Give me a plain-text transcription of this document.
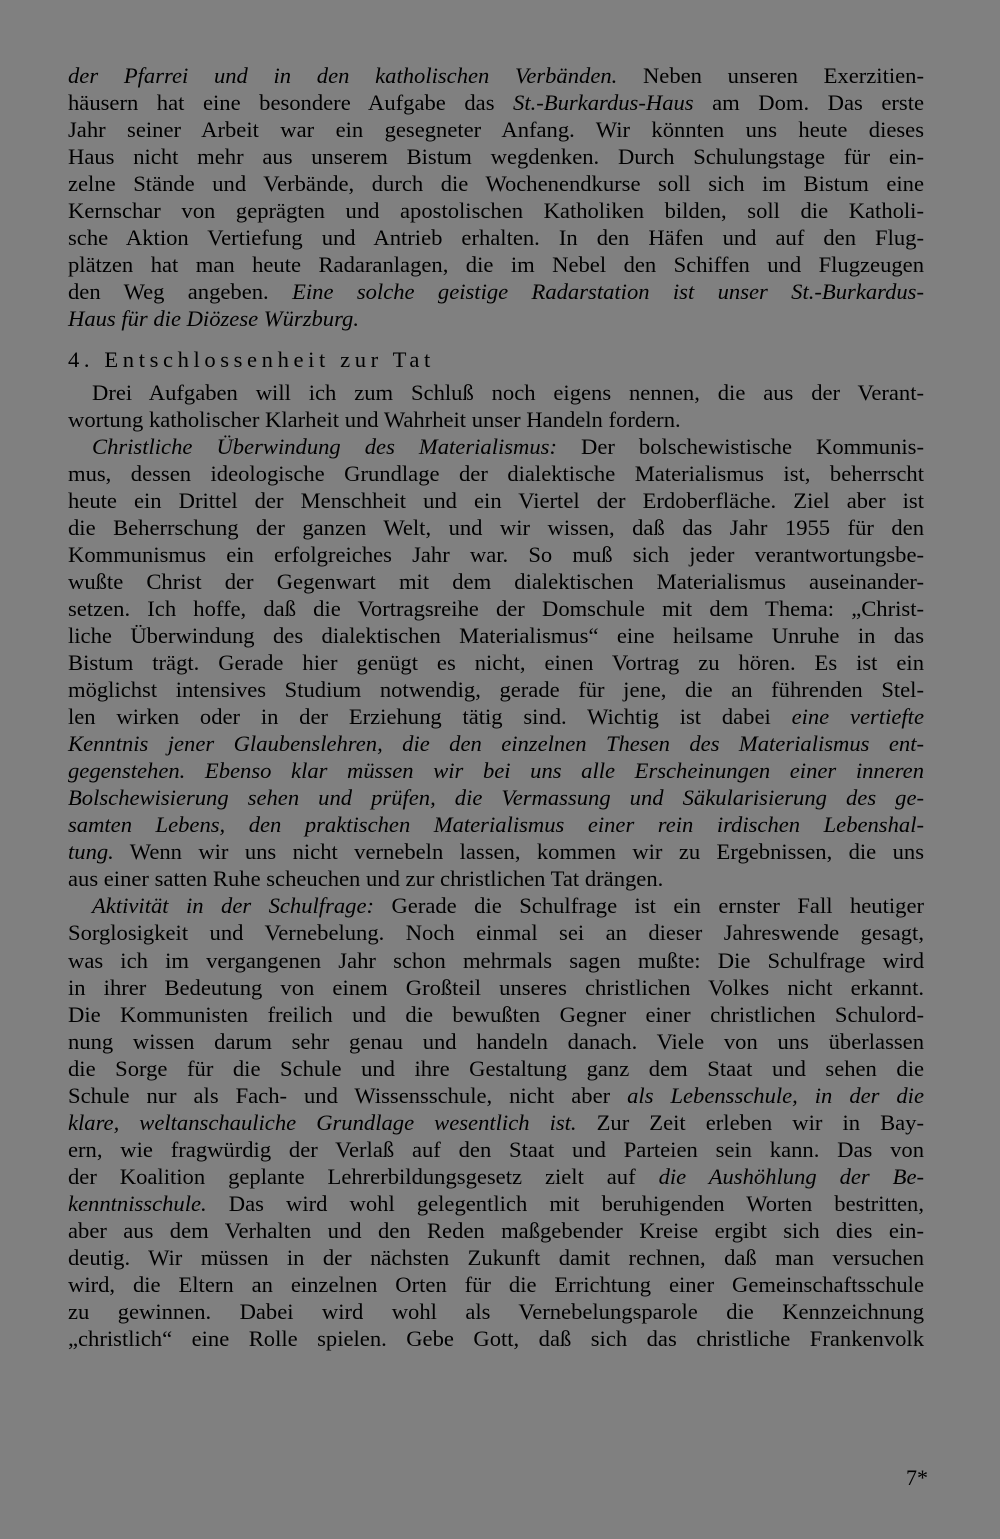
der Pfarrei und in den katholischen Verbänden. Neben unseren Exerzitien-
häusern hat eine besondere Aufgabe das St.-Burkardus-Haus am Dom. Das erste
Jahr seiner Arbeit war ein gesegneter Anfang. Wir könnten uns heute dieses
Haus nicht mehr aus unserem Bistum wegdenken. Durch Schulungstage für ein-
zelne Stände und Verbände, durch die Wochenendkurse soll sich im Bistum eine
Kernschar von geprägten und apostolischen Katholiken bilden, soll die Katholi-
sche Aktion Vertiefung und Antrieb erhalten. In den Häfen und auf den Flug-
plätzen hat man heute Radaranlagen, die im Nebel den Schiffen und Flugzeugen
den Weg angeben. Eine solche geistige Radarstation ist unser St.-Burkardus-
Haus für die Diözese Würzburg.
4. Entschlossenheit zur Tat
Drei Aufgaben will ich zum Schluß noch eigens nennen, die aus der Verant-
wortung katholischer Klarheit und Wahrheit unser Handeln fordern.
Christliche Überwindung des Materialismus: Der bolschewistische Kommunis-
mus, dessen ideologische Grundlage der dialektische Materialismus ist, beherrscht
heute ein Drittel der Menschheit und ein Viertel der Erdoberfläche. Ziel aber ist
die Beherrschung der ganzen Welt, und wir wissen, daß das Jahr 1955 für den
Kommunismus ein erfolgreiches Jahr war. So muß sich jeder verantwortungsbe-
wußte Christ der Gegenwart mit dem dialektischen Materialismus auseinander-
setzen. Ich hoffe, daß die Vortragsreihe der Domschule mit dem Thema: „Christ-
liche Überwindung des dialektischen Materialismus“ eine heilsame Unruhe in das
Bistum trägt. Gerade hier genügt es nicht, einen Vortrag zu hören. Es ist ein
möglichst intensives Studium notwendig, gerade für jene, die an führenden Stel-
len wirken oder in der Erziehung tätig sind. Wichtig ist dabei eine vertiefte
Kenntnis jener Glaubenslehren, die den einzelnen Thesen des Materialismus ent-
gegenstehen. Ebenso klar müssen wir bei uns alle Erscheinungen einer inneren
Bolschewisierung sehen und prüfen, die Vermassung und Säkularisierung des ge-
samten Lebens, den praktischen Materialismus einer rein irdischen Lebenshal-
tung. Wenn wir uns nicht vernebeln lassen, kommen wir zu Ergebnissen, die uns
aus einer satten Ruhe scheuchen und zur christlichen Tat drängen.
Aktivität in der Schulfrage: Gerade die Schulfrage ist ein ernster Fall heutiger
Sorglosigkeit und Vernebelung. Noch einmal sei an dieser Jahreswende gesagt,
was ich im vergangenen Jahr schon mehrmals sagen mußte: Die Schulfrage wird
in ihrer Bedeutung von einem Großteil unseres christlichen Volkes nicht erkannt.
Die Kommunisten freilich und die bewußten Gegner einer christlichen Schulord-
nung wissen darum sehr genau und handeln danach. Viele von uns überlassen
die Sorge für die Schule und ihre Gestaltung ganz dem Staat und sehen die
Schule nur als Fach- und Wissensschule, nicht aber als Lebensschule, in der die
klare, weltanschauliche Grundlage wesentlich ist. Zur Zeit erleben wir in Bay-
ern, wie fragwürdig der Verlaß auf den Staat und Parteien sein kann. Das von
der Koalition geplante Lehrerbildungsgesetz zielt auf die Aushöhlung der Be-
kenntnisschule. Das wird wohl gelegentlich mit beruhigenden Worten bestritten,
aber aus dem Verhalten und den Reden maßgebender Kreise ergibt sich dies ein-
deutig. Wir müssen in der nächsten Zukunft damit rechnen, daß man versuchen
wird, die Eltern an einzelnen Orten für die Errichtung einer Gemeinschaftsschule
zu gewinnen. Dabei wird wohl als Vernebelungsparole die Kennzeichnung
„christlich“ eine Rolle spielen. Gebe Gott, daß sich das christliche Frankenvolk
7*
